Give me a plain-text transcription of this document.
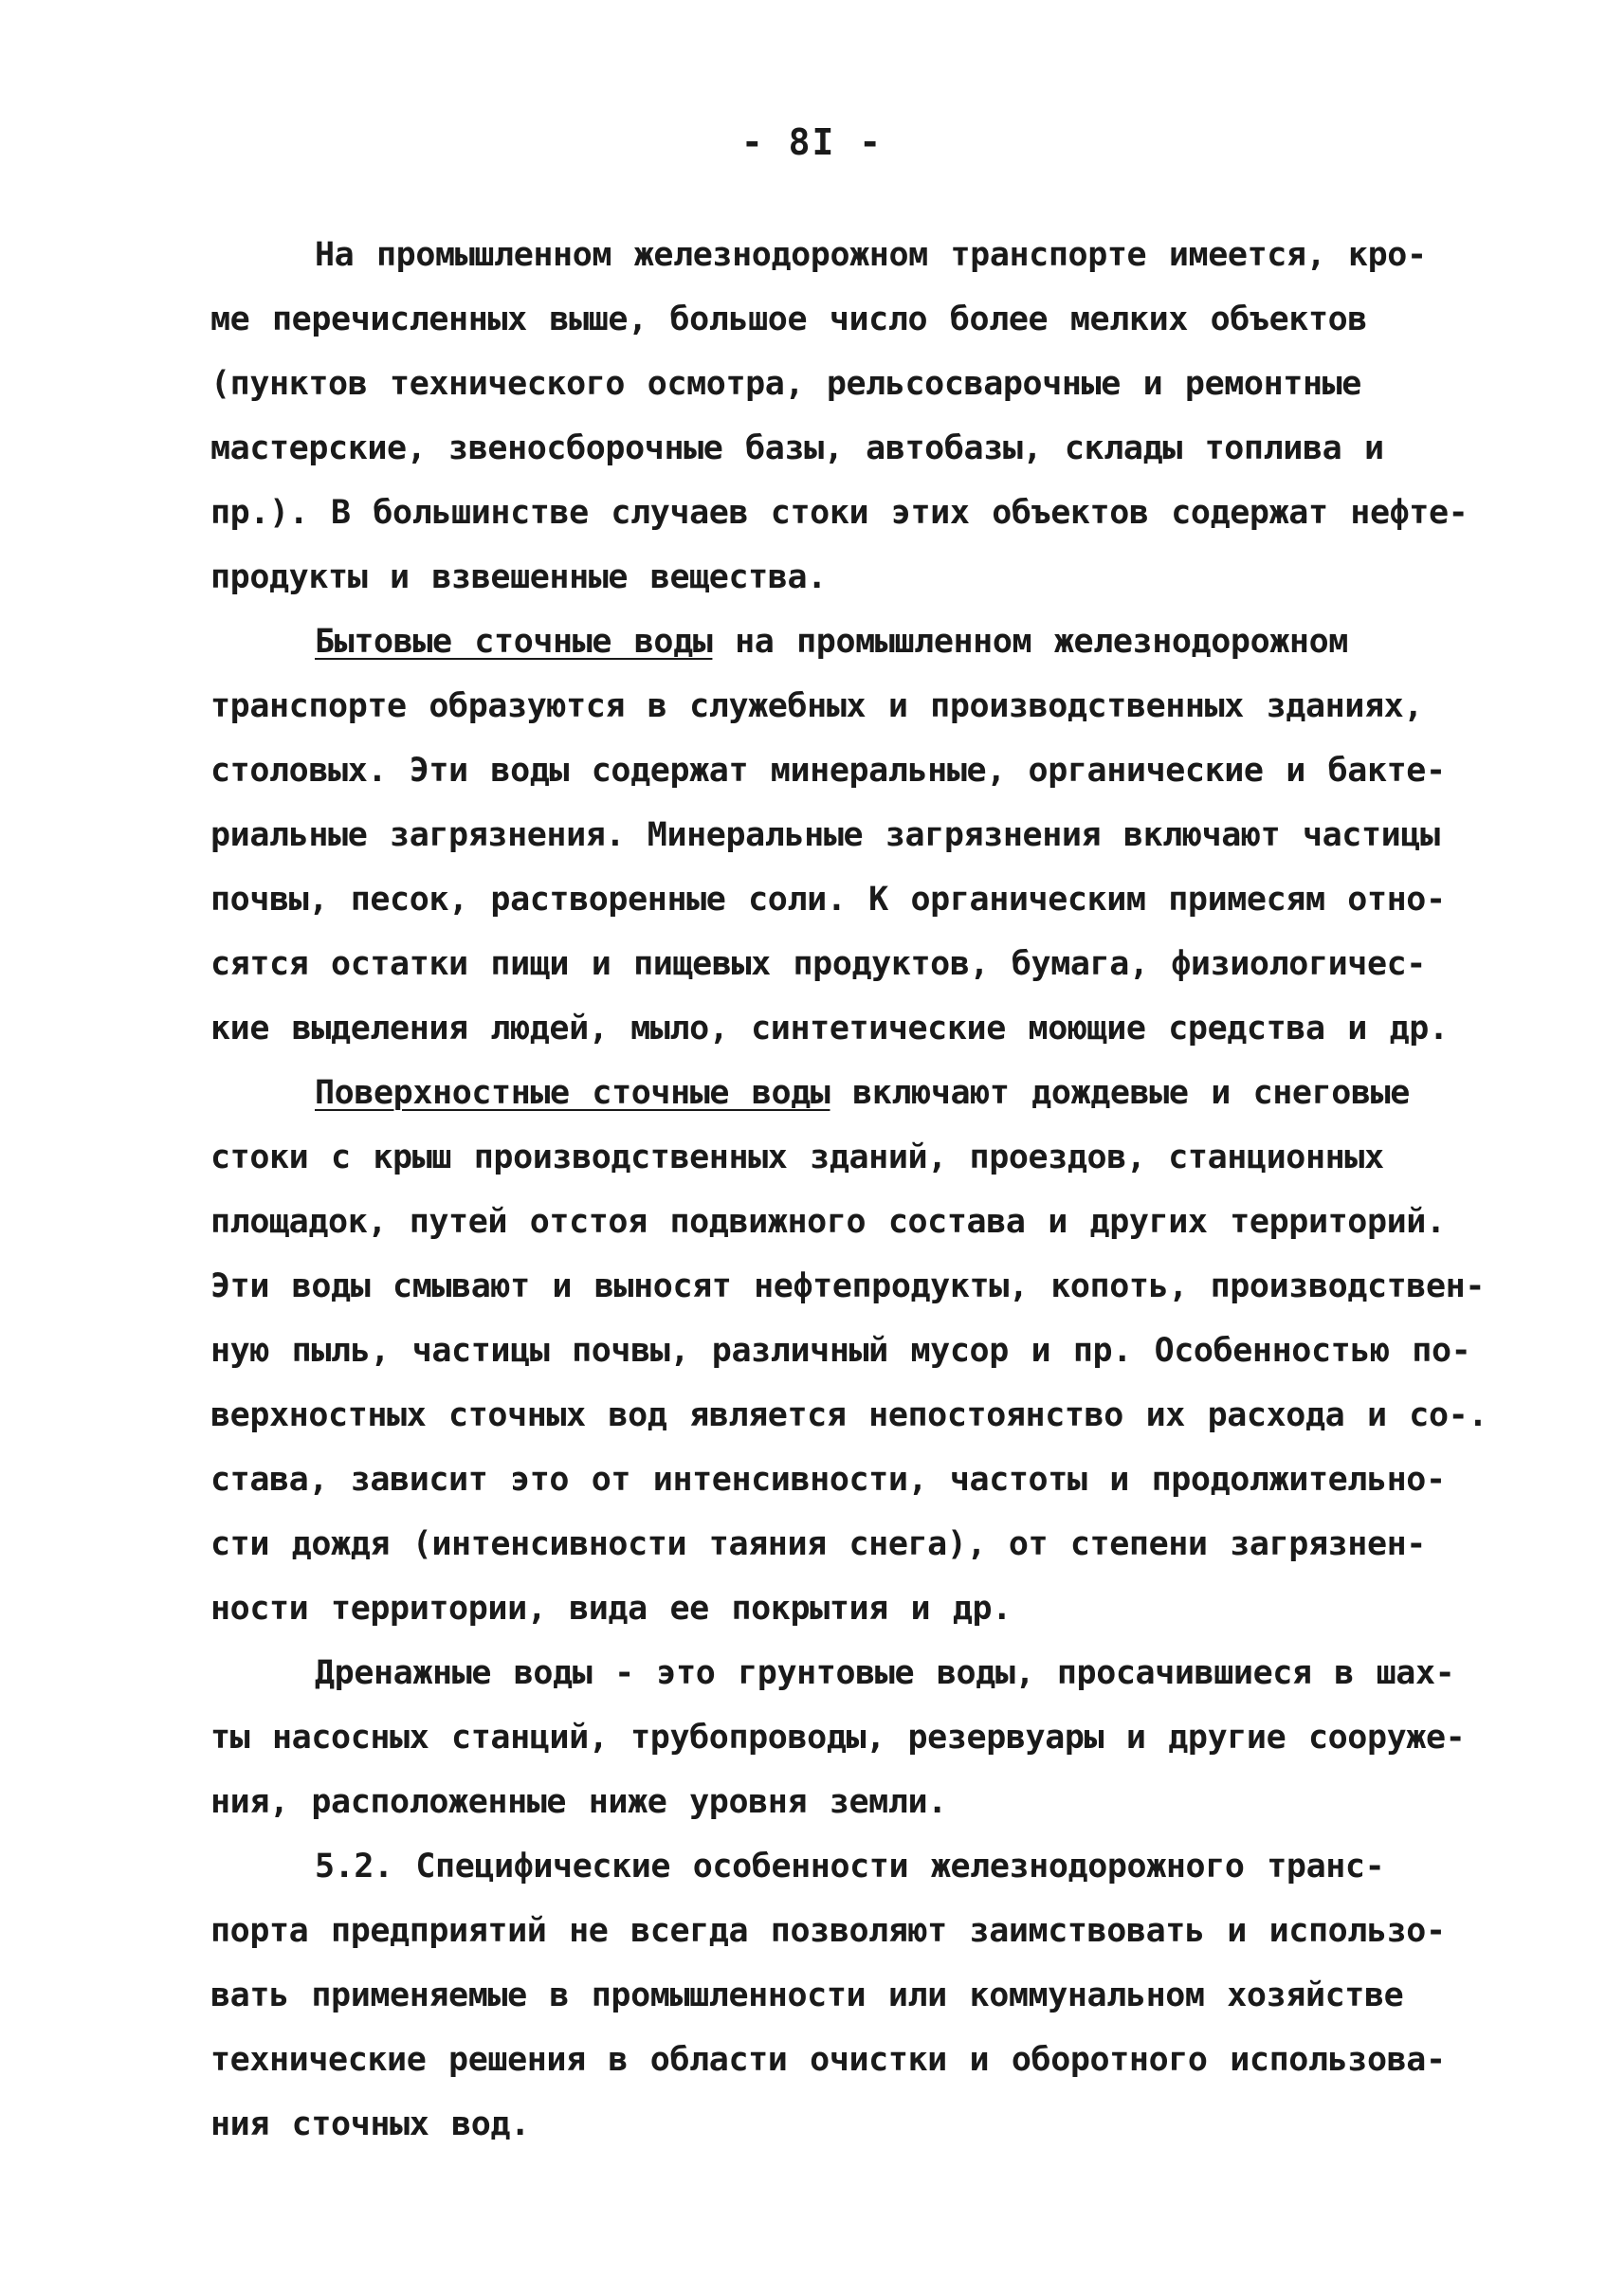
- 8I -
На промышленном железнодорожном транспорте имеется, кро-
ме перечисленных выше, большое число более мелких объектов
(пунктов технического осмотра, рельсосварочные и ремонтные
мастерские, звеносборочные базы, автобазы, склады топлива и
пр.). В большинстве случаев стоки этих объектов содержат нефте-
продукты и взвешенные вещества.
Бытовые сточные воды на промышленном железнодорожном
транспорте образуются в служебных и производственных зданиях,
столовых. Эти воды содержат минеральные, органические и бакте-
риальные загрязнения. Минеральные загрязнения включают частицы
почвы, песок, растворенные соли. К органическим примесям отно-
сятся остатки пищи и пищевых продуктов, бумага, физиологичес-
кие выделения людей, мыло, синтетические моющие средства и др.
Поверхностные сточные воды включают дождевые и снеговые
стоки с крыш производственных зданий, проездов, станционных
площадок, путей отстоя подвижного состава и других территорий.
Эти воды смывают и выносят нефтепродукты, копоть, производствен-
ную пыль, частицы почвы, различный мусор и пр. Особенностью по-
верхностных сточных вод является непостоянство их расхода и со-.
става, зависит это от интенсивности, частоты и продолжительно-
сти дождя (интенсивности таяния снега), от степени загрязнен-
ности территории, вида ее покрытия и др.
Дренажные воды - это грунтовые воды, просачившиеся в шах-
ты насосных станций, трубопроводы, резервуары и другие сооруже-
ния, расположенные ниже уровня земли.
5.2. Специфические особенности железнодорожного транс-
порта предприятий не всегда позволяют заимствовать и использо-
вать применяемые в промышленности или коммунальном хозяйстве
технические решения в области очистки и оборотного использова-
ния сточных вод.
